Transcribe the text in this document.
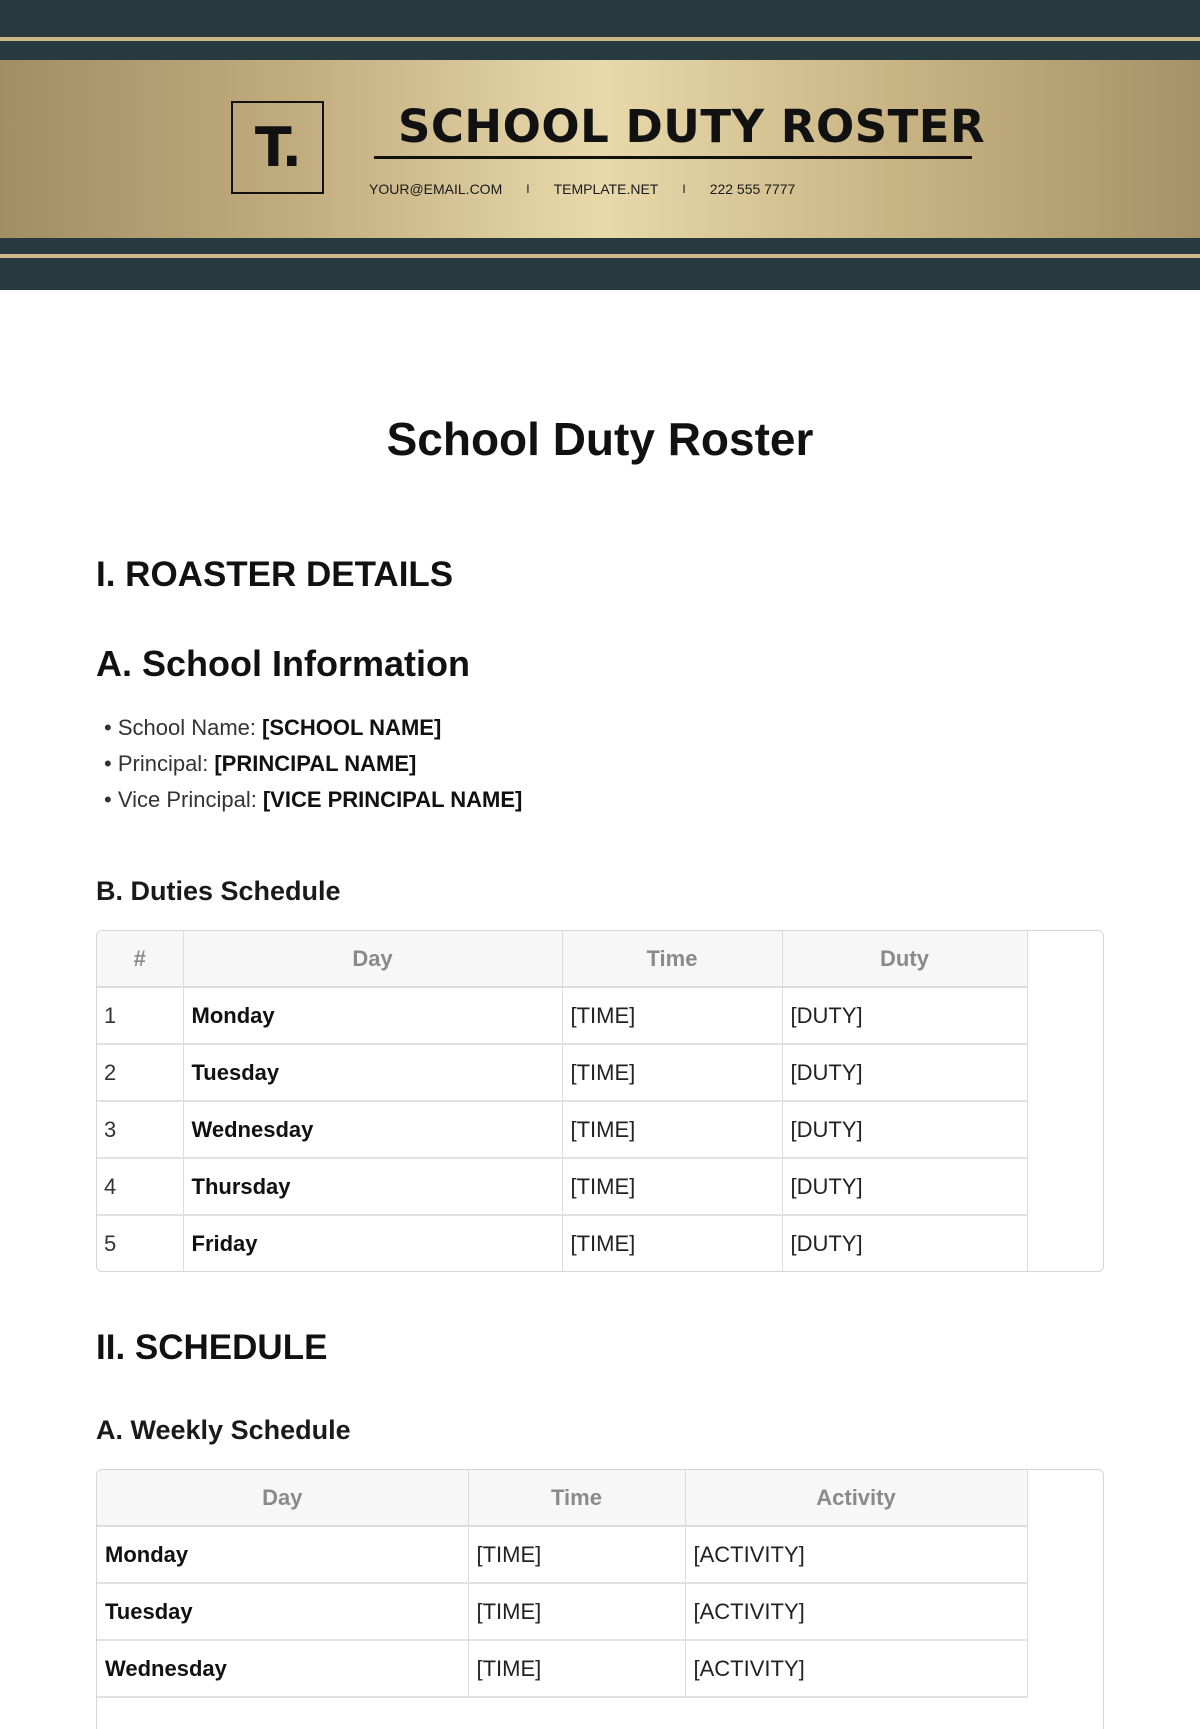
T. SCHOOL DUTY ROSTER
YOUR@EMAIL.COM I TEMPLATE.NET I 222 555 7777
School Duty Roster
I. ROASTER DETAILS
A. School Information
• School Name: [SCHOOL NAME]
• Principal: [PRINCIPAL NAME]
• Vice Principal: [VICE PRINCIPAL NAME]
B. Duties Schedule
#	Day	Time	Duty
1	Monday	[TIME]	[DUTY]
2	Tuesday	[TIME]	[DUTY]
3	Wednesday	[TIME]	[DUTY]
4	Thursday	[TIME]	[DUTY]
5	Friday	[TIME]	[DUTY]
II. SCHEDULE
A. Weekly Schedule
Day	Time	Activity
Monday	[TIME]	[ACTIVITY]
Tuesday	[TIME]	[ACTIVITY]
Wednesday	[TIME]	[ACTIVITY]
